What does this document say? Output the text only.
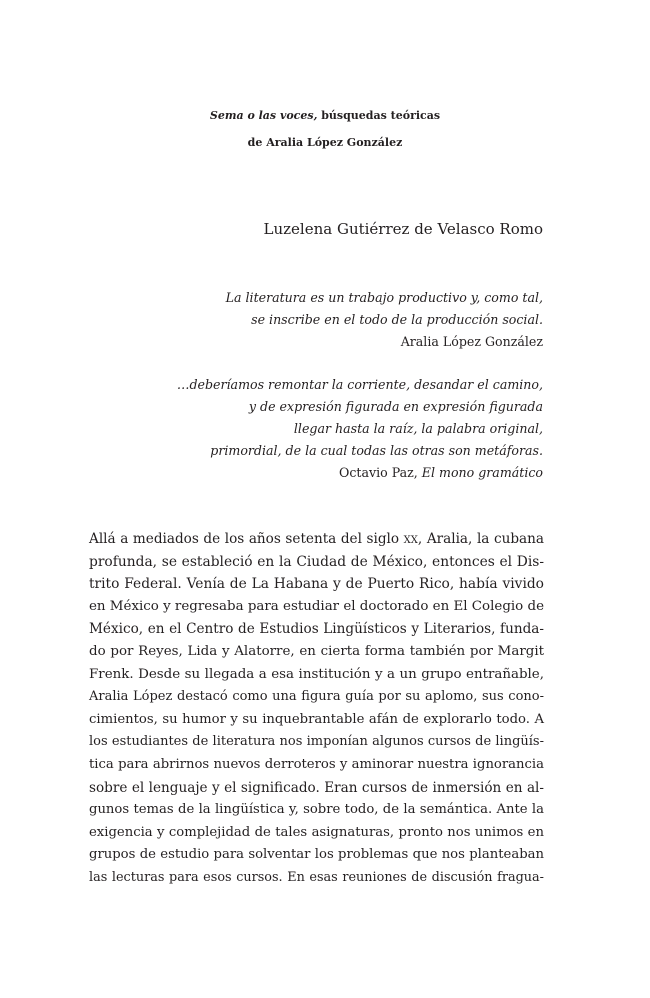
Sema o las voces, búsquedas teóricas
de Aralia López González
Luzelena Gutiérrez de Velasco Romo
La literatura es un trabajo productivo y, como tal,
se inscribe en el todo de la producción social.
Aralia López González
…deberíamos remontar la corriente, desandar el camino,
y de expresión figurada en expresión figurada
llegar hasta la raíz, la palabra original,
primordial, de la cual todas las otras son metáforas.
Octavio Paz, El mono gramático
Allá a mediados de los años setenta del siglo xx, Aralia, la cubana
profunda, se estableció en la Ciudad de México, entonces el Dis-
trito Federal. Venía de La Habana y de Puerto Rico, había vivido
en México y regresaba para estudiar el doctorado en El Colegio de
México, en el Centro de Estudios Lingüísticos y Literarios, funda-
do por Reyes, Lida y Alatorre, en cierta forma también por Margit
Frenk. Desde su llegada a esa institución y a un grupo entrañable,
Aralia López destacó como una figura guía por su aplomo, sus cono-
cimientos, su humor y su inquebrantable afán de explorarlo todo. A
los estudiantes de literatura nos imponían algunos cursos de lingüís-
tica para abrirnos nuevos derroteros y aminorar nuestra ignorancia
sobre el lenguaje y el significado. Eran cursos de inmersión en al-
gunos temas de la lingüística y, sobre todo, de la semántica. Ante la
exigencia y complejidad de tales asignaturas, pronto nos unimos en
grupos de estudio para solventar los problemas que nos planteaban
las lecturas para esos cursos. En esas reuniones de discusión fragua-
